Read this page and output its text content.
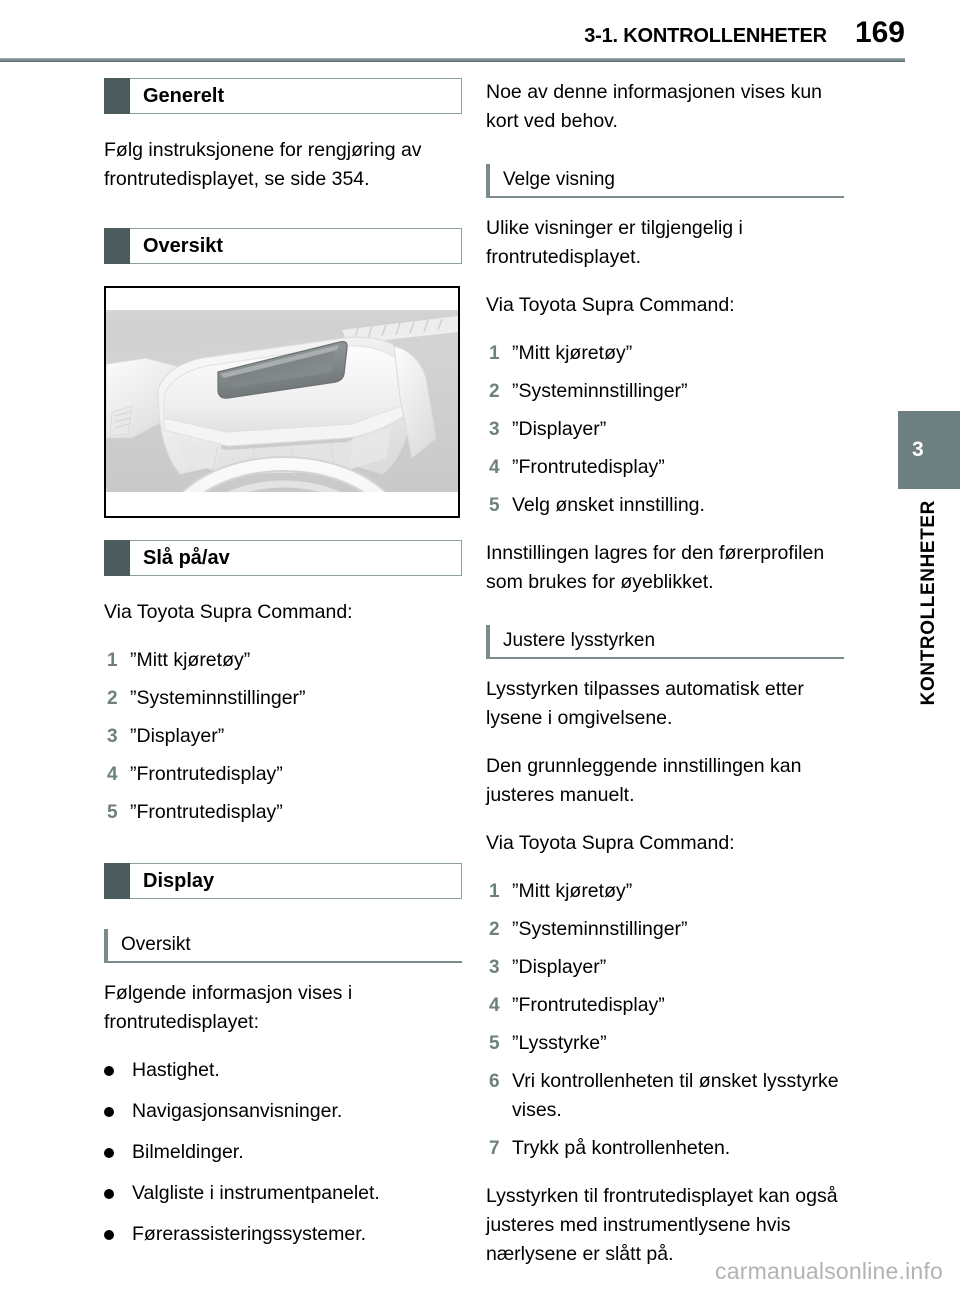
3-1. KONTROLLENHETER 169
Generelt

Følg instruksjonene for rengjøring av frontrutedisplayet, se side 354.

Oversikt
Slå på/av

Via Toyota Supra Command:

1 ”Mitt kjøretøy”
2 ”Systeminnstillinger”
3 ”Displayer”
4 ”Frontrutedisplay”
5 ”Frontrutedisplay”
Display
Oversikt

Følgende informasjon vises i frontrutedisplayet:

Hastighet.
Navigasjonsanvisninger.
Bilmeldinger.
Valgliste i instrumentpanelet.
Førerassisteringssystemer.

Noe av denne informasjonen vises kun kort ved behov.

Velge visning

Ulike visninger er tilgjengelig i frontrutedisplayet.

Via Toyota Supra Command:

1 ”Mitt kjøretøy”
2 ”Systeminnstillinger”
3 ”Displayer”
4 ”Frontrutedisplay”
5 Velg ønsket innstilling.

Innstillingen lagres for den førerprofilen som brukes for øyeblikket.

Justere lysstyrken

Lysstyrken tilpasses automatisk etter lysene i omgivelsene.

Den grunnleggende innstillingen kan justeres manuelt.

Via Toyota Supra Command:

1 ”Mitt kjøretøy”
2 ”Systeminnstillinger”
3 ”Displayer”
4 ”Frontrutedisplay”
5 ”Lysstyrke”
6 Vri kontrollenheten til ønsket lysstyrke vises.
7 Trykk på kontrollenheten.

Lysstyrken til frontrutedisplayet kan også justeres med instrumentlysene hvis nærlysene er slått på.

3
KONTROLLENHETER
carmanualsonline.info
